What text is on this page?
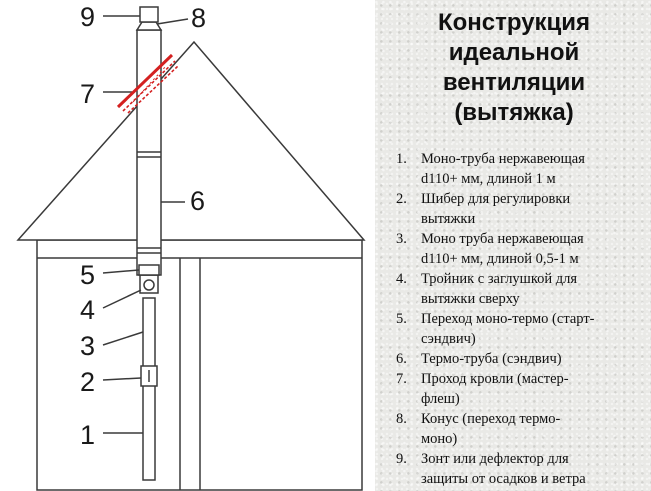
9	8
7
6
5
4
3
2
1
Конструкция
идеальной
вентиляции
(вытяжка)
1. Моно-труба нержавеющая
d110+ мм, длиной 1 м
2. Шибер для регулировки
вытяжки
3. Моно труба нержавеющая
d110+ мм, длиной 0,5-1 м
4. Тройник с заглушкой для
вытяжки сверху
5. Переход моно-термо (старт-
сэндвич)
6. Термо-труба (сэндвич)
7. Проход кровли (мастер-
флеш)
8. Конус (переход термо-
моно)
9. Зонт или дефлектор для
защиты от осадков и ветра
